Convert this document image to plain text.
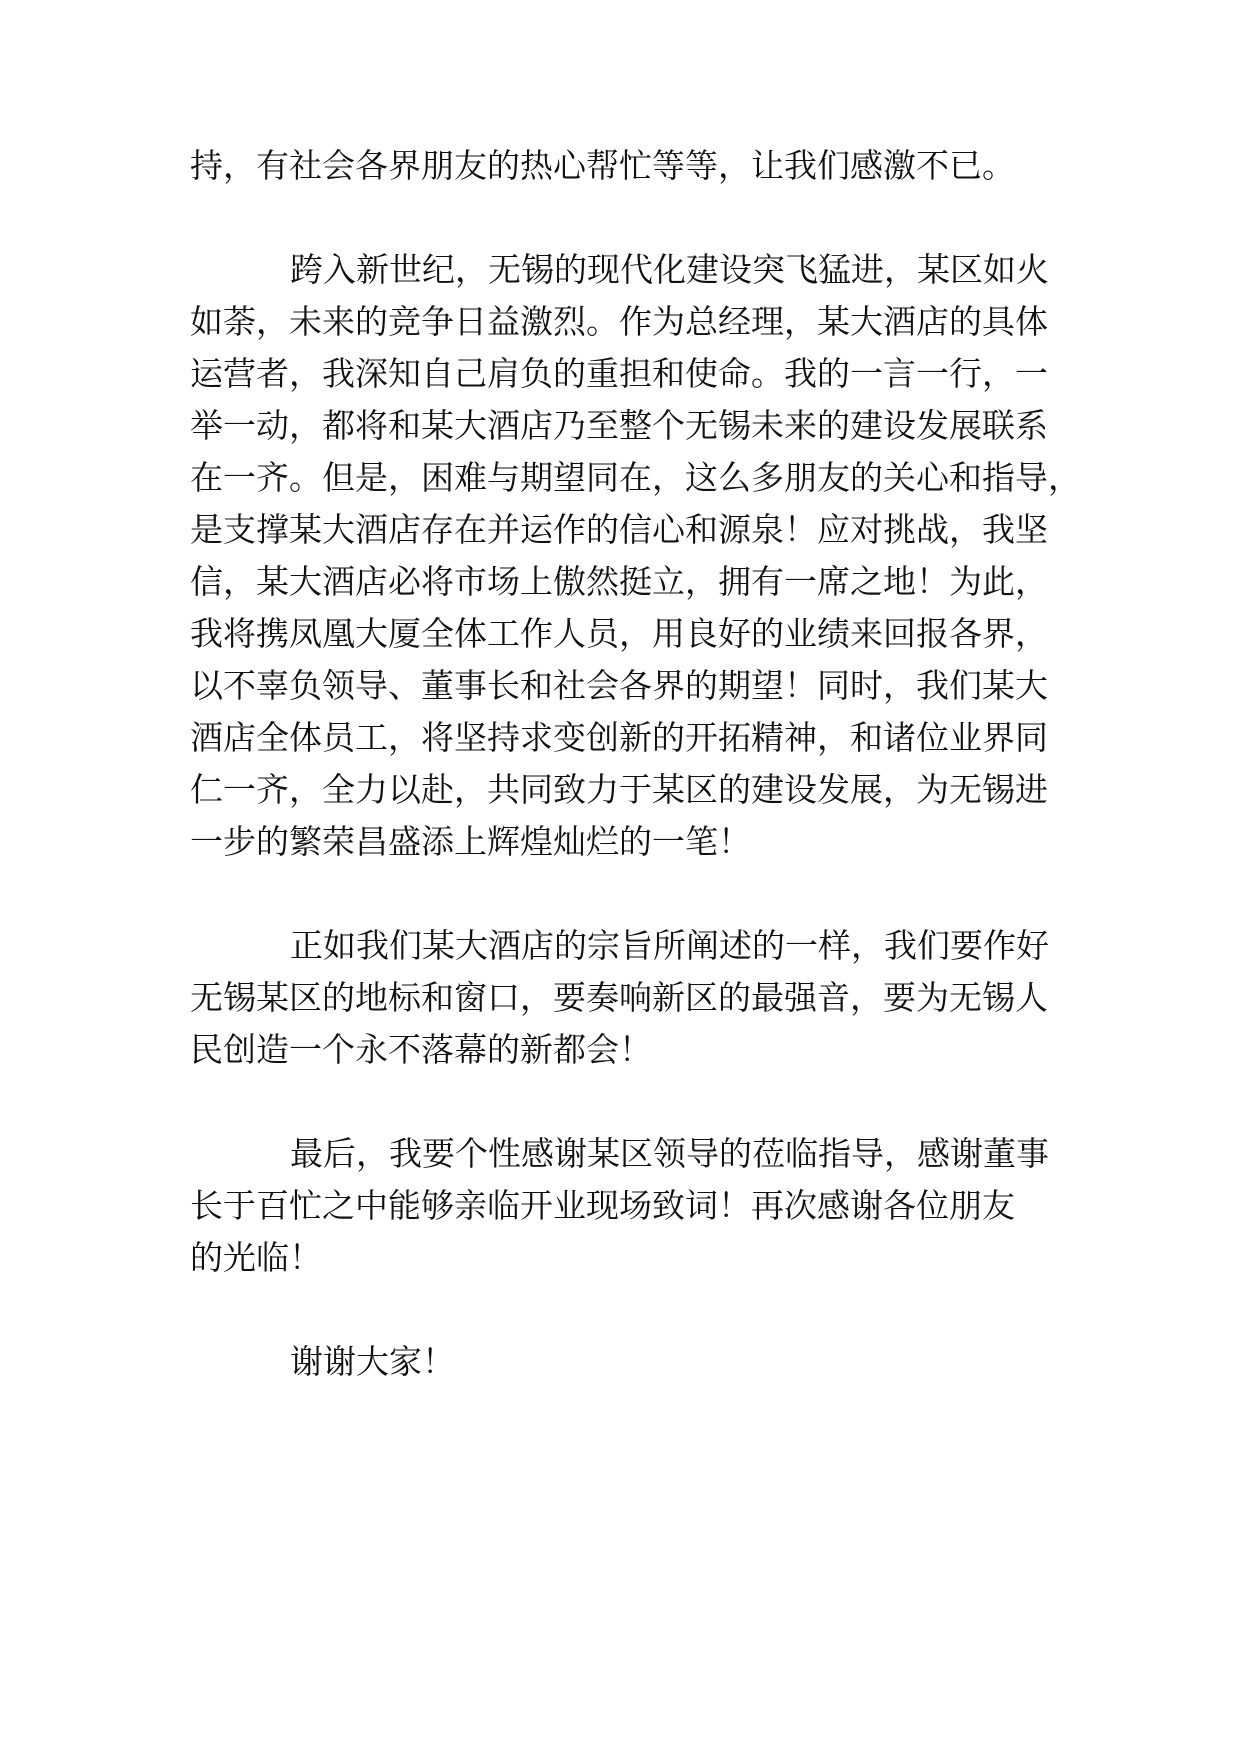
持，有社会各界朋友的热心帮忙等等，让我们感激不已。
跨入新世纪，无锡的现代化建设突飞猛进，某区如火
如荼，未来的竞争日益激烈。作为总经理，某大酒店的具体
运营者，我深知自己肩负的重担和使命。我的一言一行，一
举一动，都将和某大酒店乃至整个无锡未来的建设发展联系
在一齐。但是，困难与期望同在，这么多朋友的关心和指导，
是支撑某大酒店存在并运作的信心和源泉！应对挑战，我坚
信，某大酒店必将市场上傲然挺立，拥有一席之地！为此，
我将携凤凰大厦全体工作人员，用良好的业绩来回报各界，
以不辜负领导、董事长和社会各界的期望！同时，我们某大
酒店全体员工，将坚持求变创新的开拓精神，和诸位业界同
仁一齐，全力以赴，共同致力于某区的建设发展，为无锡进
一步的繁荣昌盛添上辉煌灿烂的一笔！
正如我们某大酒店的宗旨所阐述的一样，我们要作好
无锡某区的地标和窗口，要奏响新区的最强音，要为无锡人
民创造一个永不落幕的新都会！
最后，我要个性感谢某区领导的莅临指导，感谢董事
长于百忙之中能够亲临开业现场致词！再次感谢各位朋友
的光临！
谢谢大家！
